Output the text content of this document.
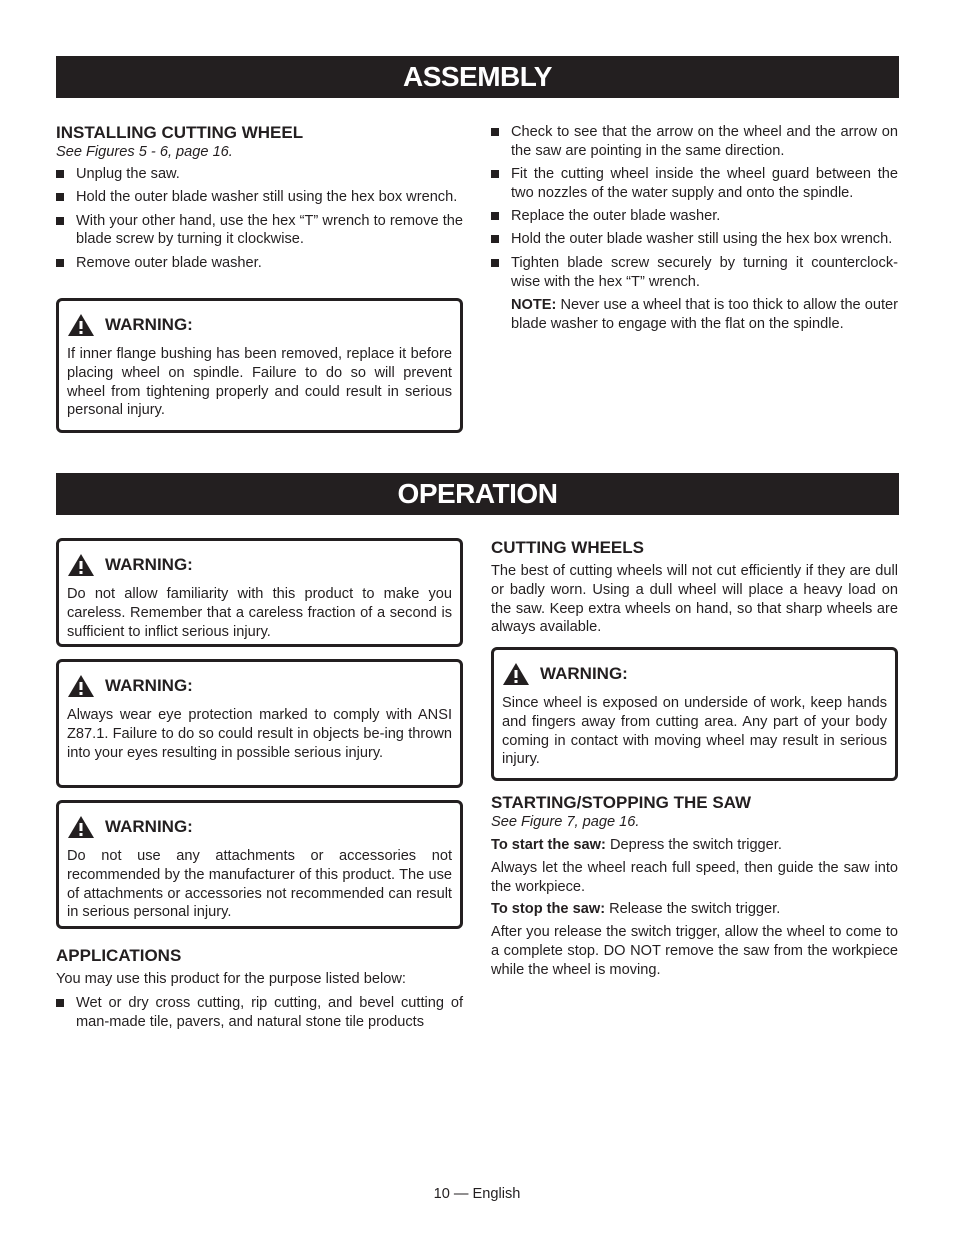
ASSEMBLY

INSTALLING CUTTING WHEEL

See Figures 5 - 6, page 16.

Unplug the saw.
Hold the outer blade washer still using the hex box wrench.
With your other hand, use the hex “T” wrench to remove the blade screw by turning it clockwise.
Remove outer blade washer.
WARNING:

If inner flange bushing has been removed, replace it before placing wheel on spindle. Failure to do so will prevent wheel from tightening properly and could result in serious personal injury.

Check to see that the arrow on the wheel and the arrow on the saw are pointing in the same direction.
Fit the cutting wheel inside the wheel guard between the two nozzles of the water supply and onto the spindle.
Replace the outer blade washer.
Hold the outer blade washer still using the hex box wrench.
Tighten blade screw securely by turning it counterclock-wise with the hex “T” wrench.

NOTE: Never use a wheel that is too thick to allow the outer blade washer to engage with the flat on the spindle.

OPERATION
WARNING:

Do not allow familiarity with this product to make you careless. Remember that a careless fraction of a second is sufficient to inflict serious injury.

WARNING:

Always wear eye protection marked to comply with ANSI Z87.1. Failure to do so could result in objects be-ing thrown into your eyes resulting in possible serious injury.

WARNING:

Do not use any attachments or accessories not recommended by the manufacturer of this product. The use of attachments or accessories not recommended can result in serious personal injury.

APPLICATIONS

You may use this product for the purpose listed below:

Wet or dry cross cutting, rip cutting, and bevel cutting of man-made tile, pavers, and natural stone tile products

CUTTING WHEELS

The best of cutting wheels will not cut efficiently if they are dull or badly worn. Using a dull wheel will place a heavy load on the saw. Keep extra wheels on hand, so that sharp wheels are always available.

WARNING:

Since wheel is exposed on underside of work, keep hands and fingers away from cutting area. Any part of your body coming in contact with moving wheel may result in serious injury.

STARTING/STOPPING THE SAW

See Figure 7, page 16.

To start the saw: Depress the switch trigger.

Always let the wheel reach full speed, then guide the saw into the workpiece.

To stop the saw: Release the switch trigger.

After you release the switch trigger, allow the wheel to come to a complete stop. DO NOT remove the saw from the workpiece while the wheel is moving.

10 — English
